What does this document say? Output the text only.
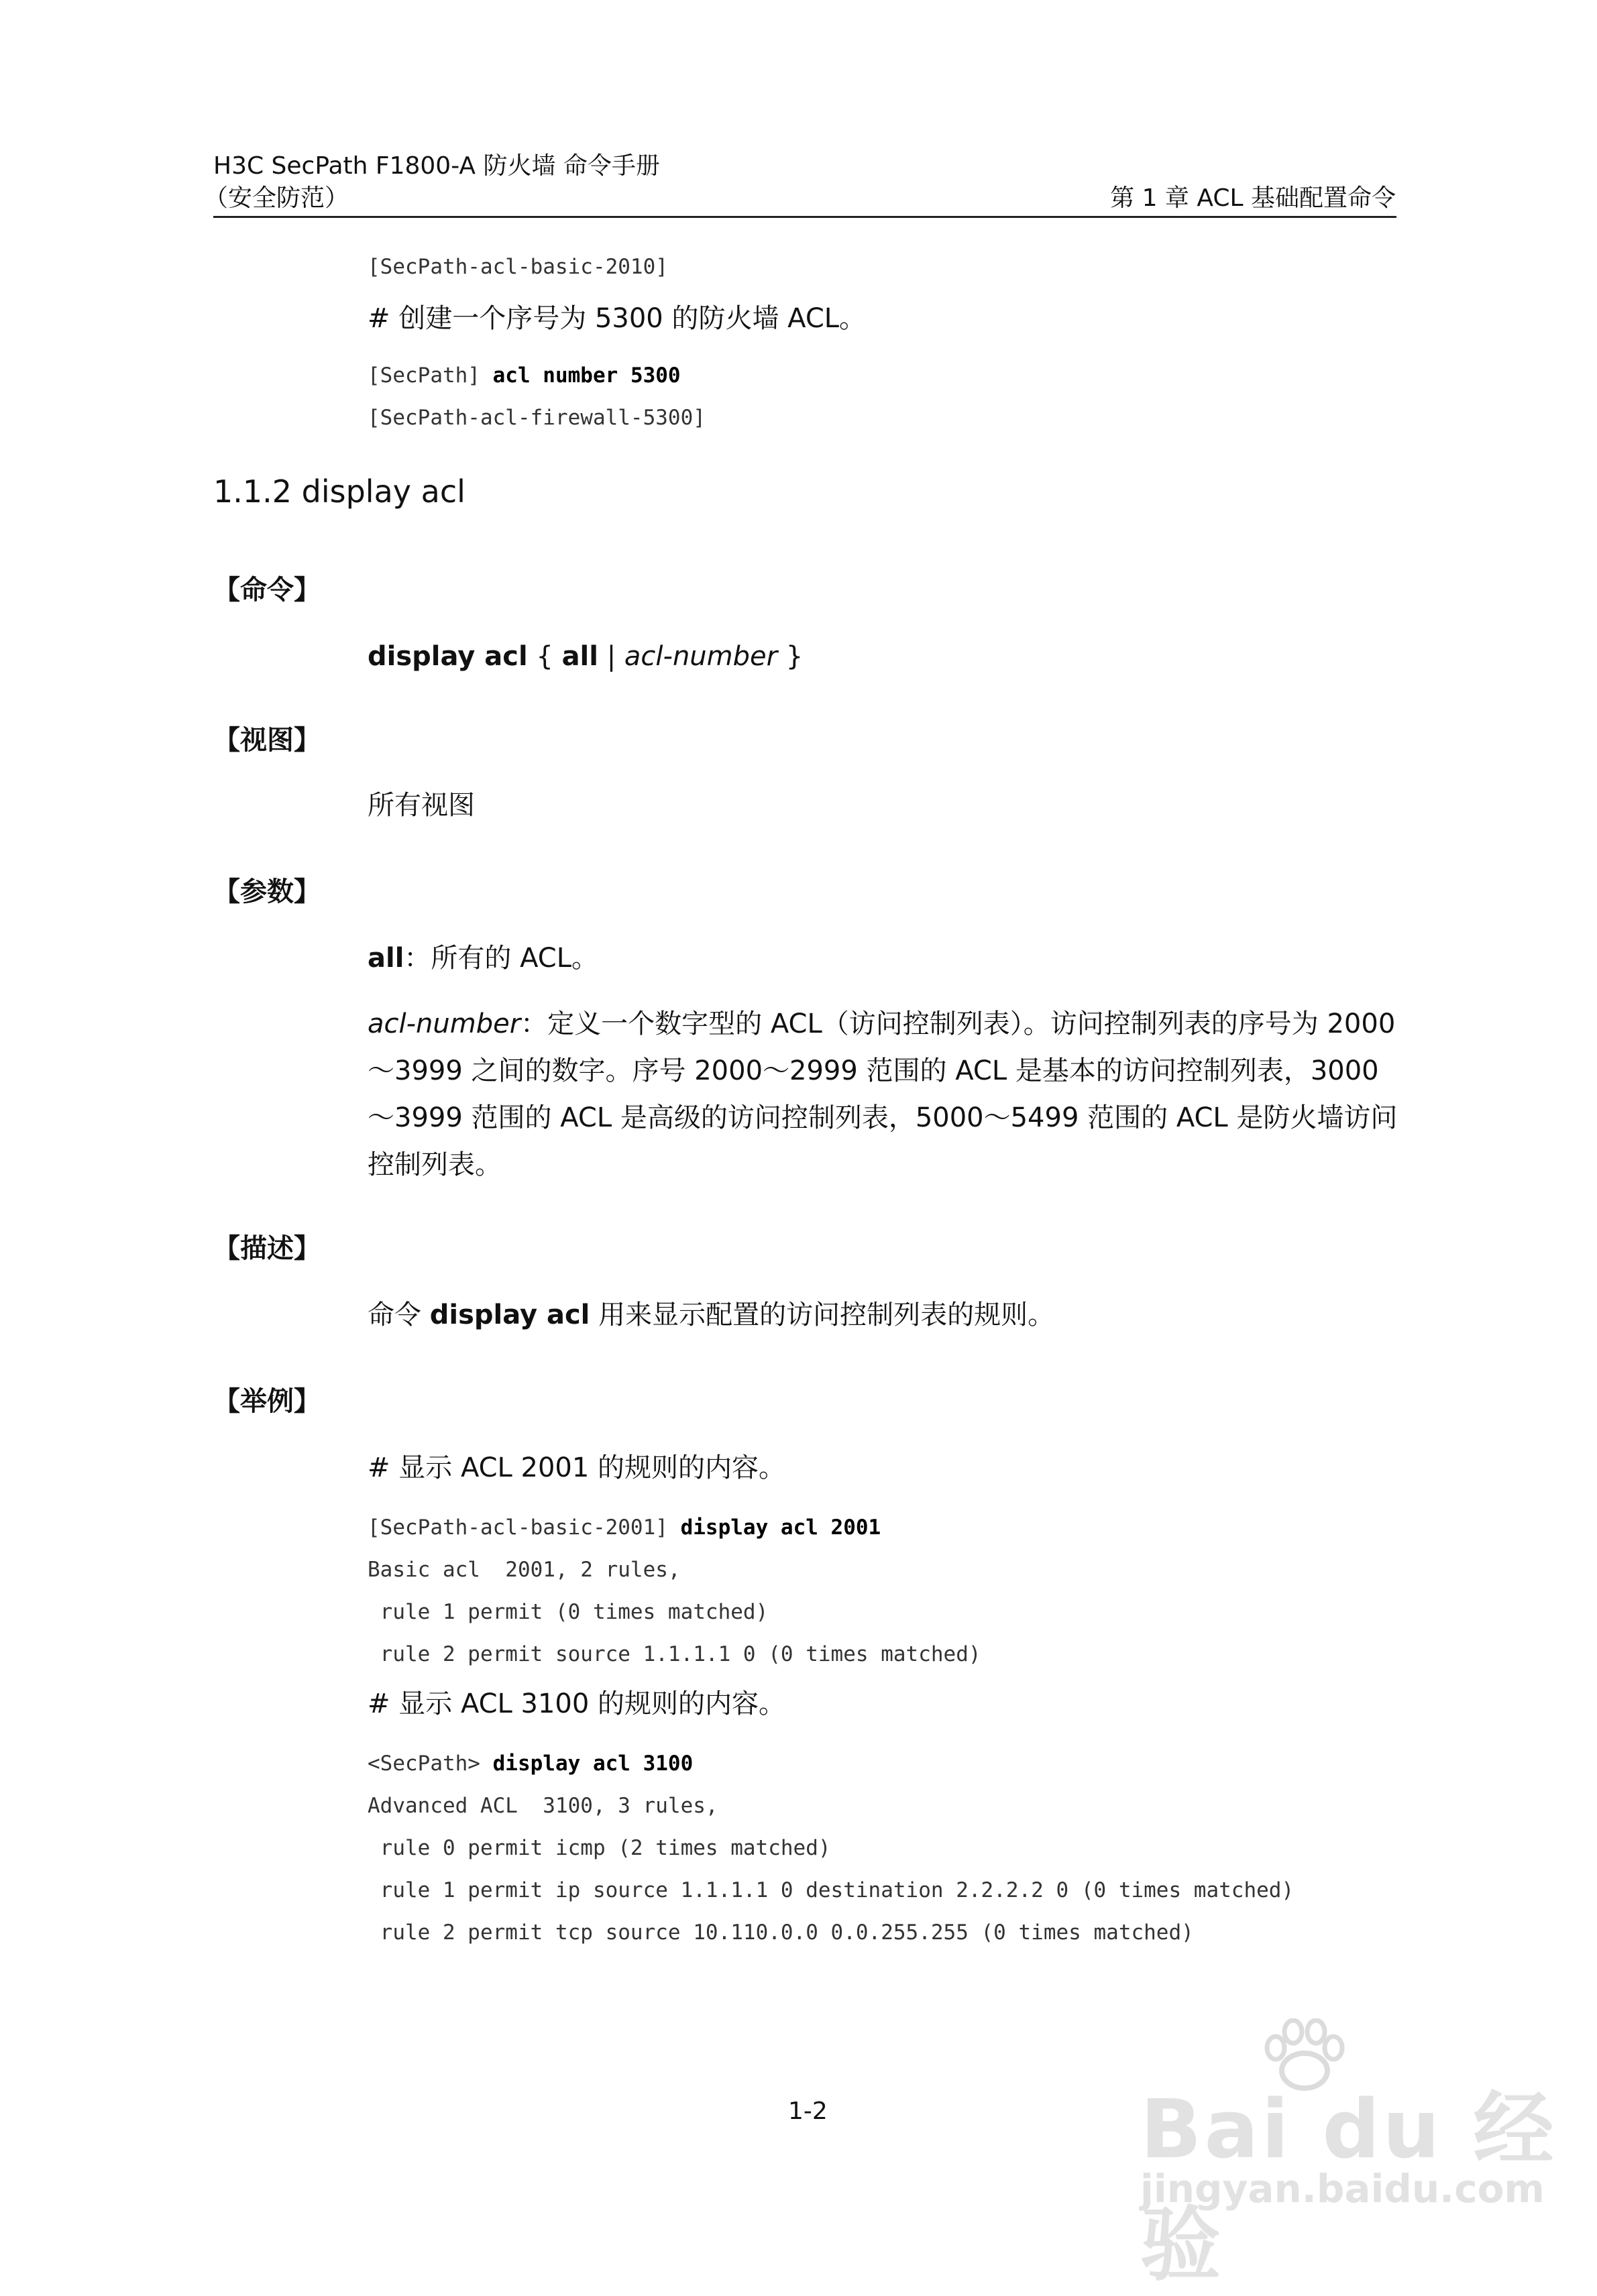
H3C SecPath F1800-A 防火墙 命令手册
（安全防范）	第 1 章 ACL 基础配置命令
[SecPath-acl-basic-2010]
# 创建一个序号为 5300 的防火墙 ACL。
[SecPath] acl number 5300
[SecPath-acl-firewall-5300]
1.1.2 display acl
【命令】
display acl { all | acl-number }
【视图】
所有视图
【参数】
all：所有的 ACL。
acl-number：定义一个数字型的 ACL（访问控制列表）。访问控制列表的序号为 2000～3999 之间的数字。序号 2000～2999 范围的 ACL 是基本的访问控制列表，3000～3999 范围的 ACL 是高级的访问控制列表，5000～5499 范围的 ACL 是防火墙访问控制列表。
【描述】
命令 display acl 用来显示配置的访问控制列表的规则。
【举例】
# 显示 ACL 2001 的规则的内容。
[SecPath-acl-basic-2001] display acl 2001
Basic acl  2001, 2 rules,
rule 1 permit (0 times matched)
rule 2 permit source 1.1.1.1 0 (0 times matched)
# 显示 ACL 3100 的规则的内容。
<SecPath> display acl 3100
Advanced ACL  3100, 3 rules,
rule 0 permit icmp (2 times matched)
rule 1 permit ip source 1.1.1.1 0 destination 2.2.2.2 0 (0 times matched)
rule 2 permit tcp source 10.110.0.0 0.0.255.255 (0 times matched)
1-2	Bai du 经验
jingyan.baidu.com
